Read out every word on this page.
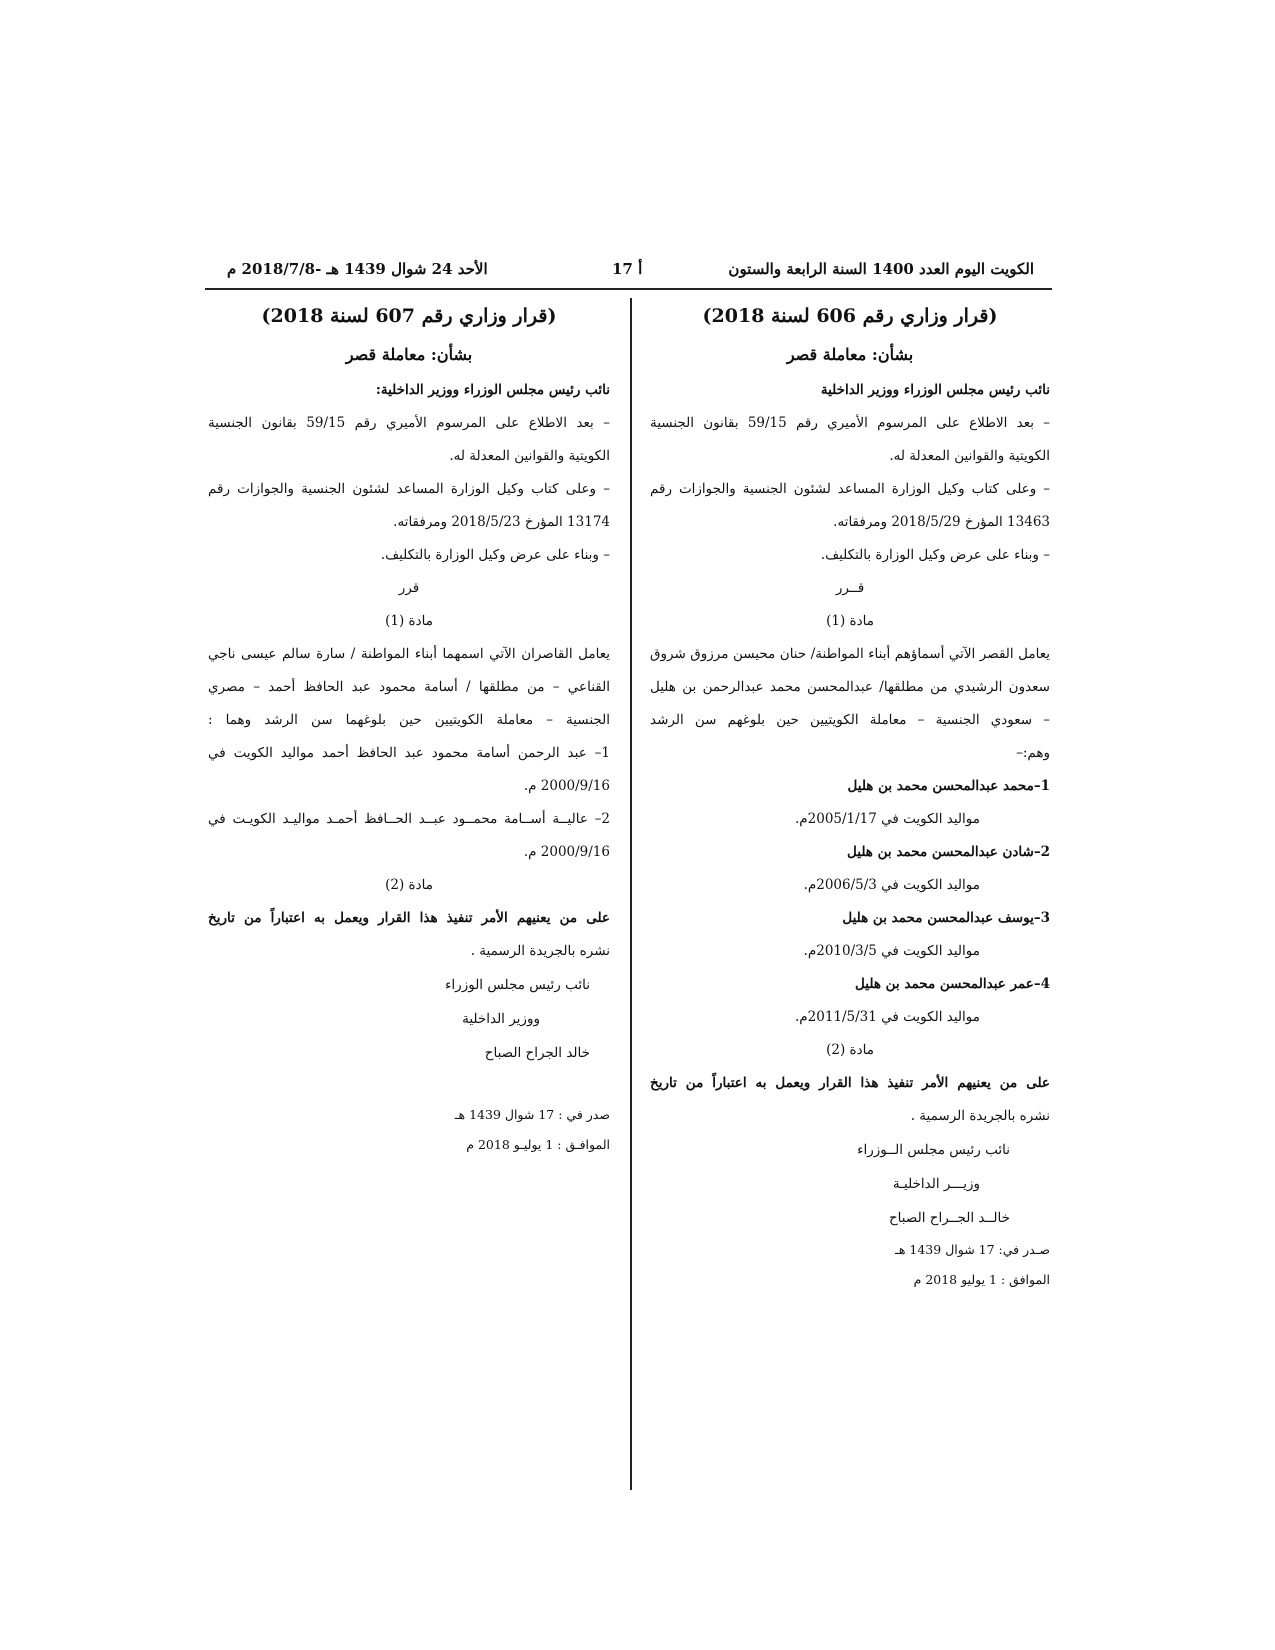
الأحد 24 شوال 1439 هـ -2018/7/8 م	أ 17	الكويت اليوم العدد 1400 السنة الرابعة والستون
(قرار وزاري رقم 606 لسنة 2018)
بشأن: معاملة قصر
نائب رئيس مجلس الوزراء ووزير الداخلية
– بعد الاطلاع على المرسوم الأميري رقم 59/15 بقانون الجنسية
الكويتية والقوانين المعدلة له.
– وعلى كتاب وكيل الوزارة المساعد لشئون الجنسية والجوازات رقم
13463 المؤرخ 2018/5/29 ومرفقاته.
– وبناء على عرض وكيل الوزارة بالتكليف.
قــرر
مادة (1)
يعامل القصر الآتي أسماؤهم أبناء المواطنة/ حنان محيسن مرزوق شروق
سعدون الرشيدي من مطلقها/ عبدالمحسن محمد عبدالرحمن بن هليل
– سعودي الجنسية – معاملة الكويتيين حين بلوغهم سن الرشد
وهم:–
1–محمد عبدالمحسن محمد بن هليل
مواليد الكويت في 2005/1/17م.
2–شادن عبدالمحسن محمد بن هليل
مواليد الكويت في 2006/5/3م.
3–يوسف عبدالمحسن محمد بن هليل
مواليد الكويت في 2010/3/5م.
4–عمر عبدالمحسن محمد بن هليل
مواليد الكويت في 2011/5/31م.
مادة (2)
على من يعنيهم الأمر تنفيذ هذا القرار ويعمل به اعتباراً من تاريخ
نشره بالجريدة الرسمية .
نائب رئيس مجلس الــوزراء
وزيـــر الداخليـة
خالــد الجــراح الصباح
صـدر في: 17 شوال 1439 هـ
الموافق : 1 يوليو 2018 م
(قرار وزاري رقم 607 لسنة 2018)
بشأن: معاملة قصر
نائب رئيس مجلس الوزراء ووزير الداخلية:
– بعد الاطلاع على المرسوم الأميري رقم 59/15 بقانون الجنسية
الكويتية والقوانين المعدلة له.
– وعلى كتاب وكيل الوزارة المساعد لشئون الجنسية والجوازات رقم
13174 المؤرخ 2018/5/23 ومرفقاته.
– وبناء على عرض وكيل الوزارة بالتكليف.
قرر
مادة (1)
يعامل القاصران الآتي اسمهما أبناء المواطنة / سارة سالم عيسى ناجي
القناعي – من مطلقها / أسامة محمود عبد الحافظ أحمد – مصري
الجنسية – معاملة الكويتيين حين بلوغهما سن الرشد وهما :
1– عبد الرحمن أسامة محمود عبد الحافظ أحمد مواليد الكويت في
2000/9/16 م.
2– عاليــة أســامة محمــود عبــد الحــافظ أحمـد مواليـد الكويـت في
2000/9/16 م.
مادة (2)
على من يعنيهم الأمر تنفيذ هذا القرار ويعمل به اعتباراً من تاريخ
نشره بالجريدة الرسمية .
نائب رئيس مجلس الوزراء
ووزير الداخلية
خالد الجراح الصباح
صدر في : 17 شوال 1439 هـ
الموافـق : 1 يوليـو 2018 م
